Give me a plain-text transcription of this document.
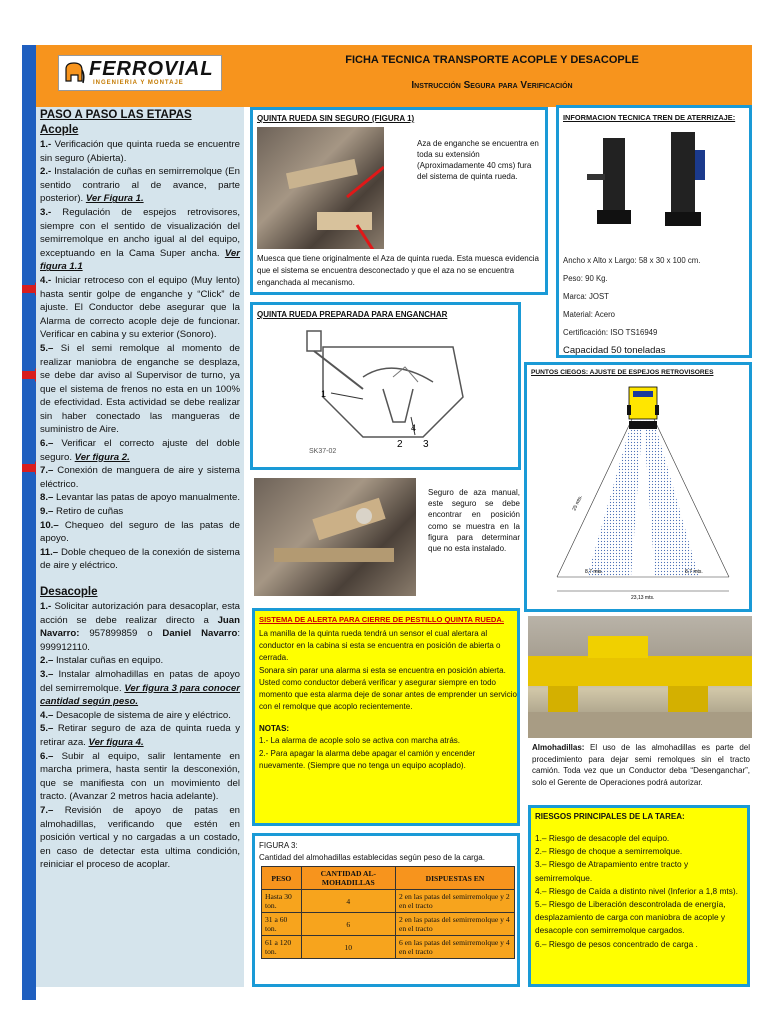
FERROVIAL
INGENIERIA Y MONTAJE
FICHA TECNICA TRANSPORTE ACOPLE Y DESACOPLE
Instrucción Segura para Verificación
PASO A PASO LAS ETAPAS
Acople

1.- Verificación que quinta rueda se encuentre sin seguro (Abierta).

2.- Instalación de cuñas en semirremolque (En sentido contrario al de avance, parte posterior). Ver Figura 1.

3.- Regulación de espejos retrovisores, siempre con el sentido de visualización del semirremolque en ancho igual al del equipo, exceptuando en la Cama Super ancha. Ver figura 1.1

4.- Iniciar retroceso con el equipo (Muy lento) hasta sentir golpe de enganche y “Click” de ajuste. El Conductor debe asegurar que la Alarma de correcto acople deje de funcionar. Verificar en cabina y su exterior (Sonoro).

5.– Si el semi remolque al momento de realizar maniobra de enganche se desplaza, se debe dar aviso al Supervisor de turno, ya que el sistema de frenos no esta en un 100% de efectividad. Esta actividad se debe realizar sin haber conectado las mangueras de suministro de Aire.

6.– Verificar el correcto ajuste del doble seguro. Ver figura 2.

7.– Conexión de manguera de aire y sistema eléctrico.

8.– Levantar las patas de apoyo manualmente.

9.– Retiro de cuñas

10.– Chequeo del seguro de las patas de apoyo.

11.– Doble chequeo de la conexión de sistema de aire y eléctrico.

Desacople

1.- Solicitar autorización para desacoplar, esta acción se debe realizar directo a Juan Navarro: 957899859 o Daniel Navarro: 999912110.

2.– Instalar cuñas en equipo.

3.– Instalar almohadillas en patas de apoyo del semirremolque. Ver figura 3 para conocer cantidad según peso.

4.– Desacople de sistema de aire y eléctrico.

5.– Retirar seguro de aza de quinta rueda y retirar aza. Ver figura 4.

6.– Subir al equipo, salir lentamente en marcha primera, hasta sentir la desconexión, que se manifiesta con un movimiento del tracto. (Avanzar 2 metros hacia adelante).

7.– Revisión de apoyo de patas en almohadillas, verificando que estén en posición vertical y no cargadas a un costado, en caso de detectar esta ultima condición, reiniciar el proceso de acoplar.

QUINTA RUEDA SIN SEGURO (FIGURA 1)
Aza de enganche se encuentra en toda su extensión (Aproximadamente 40 cms) fura del sistema de quinta rueda.
Muesca que tiene originalmente el Aza de quinta rueda. Esta muesca evidencia que el sistema se encuentra desconectado y que el aza no se encuentra enganchada al mecanismo.
INFORMACION TECNICA TREN DE ATERRIZAJE:
Ancho x Alto x Largo: 58 x 30 x 100 cm.
Peso: 90 Kg.
Marca: JOST
Material: Acero
Certificación: ISO TS16949
Capacidad 50 toneladas
QUINTA RUEDA PREPARADA PARA ENGANCHAR
1
4
2 3
SK37-02
PUNTOS CIEGOS: AJUSTE DE ESPEJOS RETROVISORES
8,7 mts.	8,7 mts.
23,13 mts.
25 mts.
Seguro de aza manual, este seguro se debe encontrar en posición como se muestra en la figura para determinar que no esta instalado.
SISTEMA DE ALERTA PARA CIERRE DE PESTILLO QUINTA RUEDA.
La manilla de la quinta rueda tendrá un sensor el cual alertara al conductor en la cabina si esta se encuentra en posición de abierta o cerrada.
Sonara sin parar una alarma si esta se encuentra en posición abierta.
Usted como conductor deberá verificar y asegurar siempre en todo momento que esta alarma deje de sonar antes de emprender un servicio con el remolque que acoplo recientemente.
NOTAS:
1.- La alarma de acople solo se activa con marcha atrás.
2.- Para apagar la alarma debe apagar el camión y encender nuevamente. (Siempre que no tenga un equipo acoplado).
Almohadillas: El uso de las almohadillas es parte del procedimiento para dejar semi remolques sin el tracto camión. Toda vez que un Conductor deba “Desenganchar”, solo el Gerente de Operaciones podrá autorizar.
FIGURA 3:
Cantidad del almohadillas establecidas según peso de la carga.
PESO	CANTIDAD AL-MOHADILLAS	DISPUESTAS EN
Hasta 30 ton.	4	2 en las patas del semirremolque y 2 en el tracto
31 a 60 ton.	6	2 en las patas del semirremolque y 4 en el tracto
61 a 120 ton.	10	6 en las patas del semirremolque y 4 en el tracto
RIESGOS PRINCIPALES DE LA TAREA:

1.– Riesgo de desacople del equipo.

2.– Riesgo de choque a semirremolque.

3.– Riesgo de Atrapamiento entre tracto y semirremolque.

4.– Riesgo de Caída a distinto nivel (Inferior a 1,8 mts).

5.– Riesgo de Liberación descontrolada de energía, desplazamiento de carga con maniobra de acople y desacople con semirremolque cargados.

6.– Riesgo de pesos concentrado de carga .
